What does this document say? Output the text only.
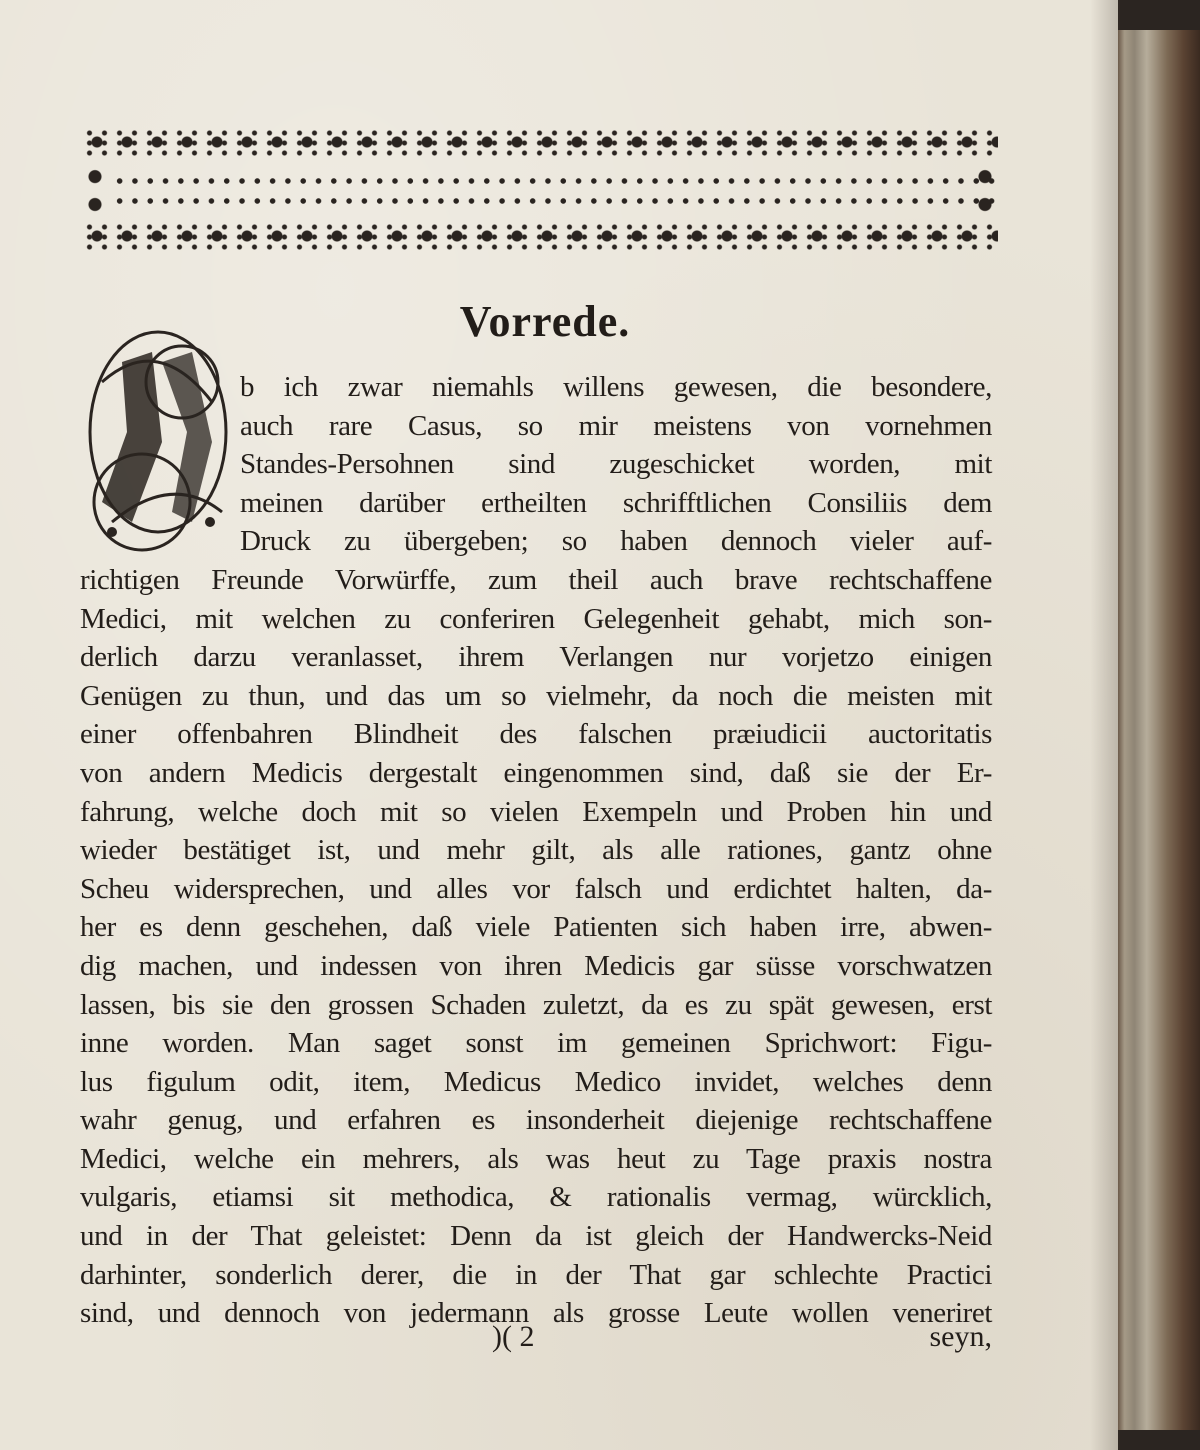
Vorrede.
b ich zwar niemahls willens gewesen, die besondere,
auch rare Casus, so mir meistens von vornehmen
Standes-Persohnen sind zugeschicket worden, mit
meinen darüber ertheilten schrifftlichen Consiliis dem
Druck zu übergeben; so haben dennoch vieler auf-
richtigen Freunde Vorwürffe, zum theil auch brave rechtschaffene
Medici, mit welchen zu conferiren Gelegenheit gehabt, mich son-
derlich darzu veranlasset, ihrem Verlangen nur vorjetzo einigen
Genügen zu thun, und das um so vielmehr, da noch die meisten mit
einer offenbahren Blindheit des falschen præiudicii auctoritatis
von andern Medicis dergestalt eingenommen sind, daß sie der Er-
fahrung, welche doch mit so vielen Exempeln und Proben hin und
wieder bestätiget ist, und mehr gilt, als alle rationes, gantz ohne
Scheu widersprechen, und alles vor falsch und erdichtet halten, da-
her es denn geschehen, daß viele Patienten sich haben irre, abwen-
dig machen, und indessen von ihren Medicis gar süsse vorschwatzen
lassen, bis sie den grossen Schaden zuletzt, da es zu spät gewesen, erst
inne worden. Man saget sonst im gemeinen Sprichwort: Figu-
lus figulum odit, item, Medicus Medico invidet, welches denn
wahr genug, und erfahren es insonderheit diejenige rechtschaffene
Medici, welche ein mehrers, als was heut zu Tage praxis nostra
vulgaris, etiamsi sit methodica, & rationalis vermag, würcklich,
und in der That geleistet: Denn da ist gleich der Handwercks-Neid
darhinter, sonderlich derer, die in der That gar schlechte Practici
sind, und dennoch von jedermann als grosse Leute wollen veneriret
)( 2	seyn,
